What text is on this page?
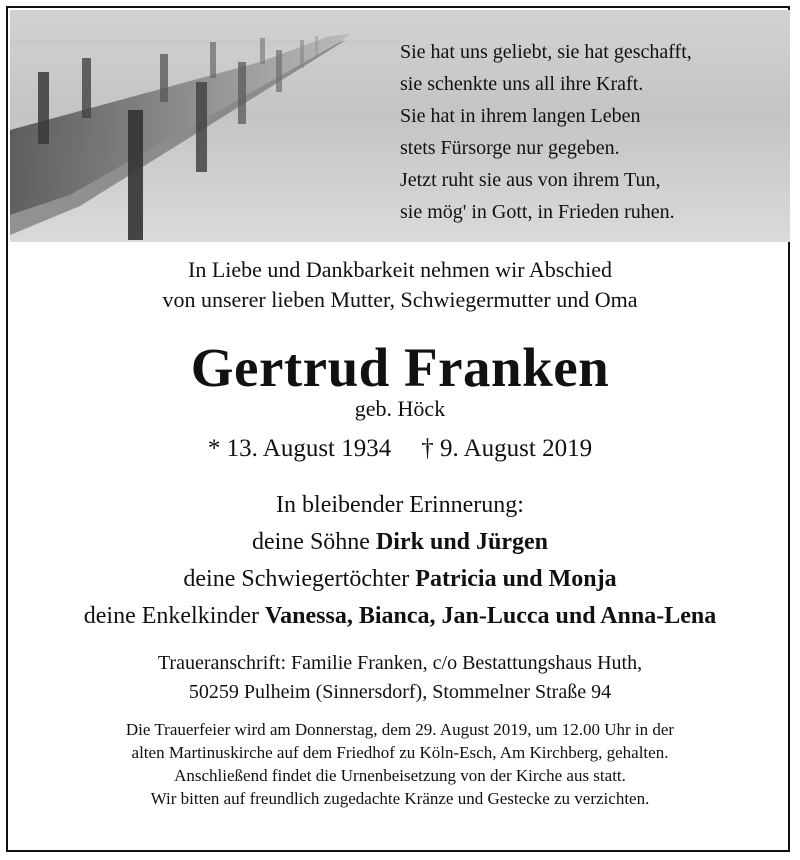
Sie hat uns geliebt, sie hat geschafft,
sie schenkte uns all ihre Kraft.
Sie hat in ihrem langen Leben
stets Fürsorge nur gegeben.
Jetzt ruht sie aus von ihrem Tun,
sie mög' in Gott, in Frieden ruhen.
In Liebe und Dankbarkeit nehmen wir Abschied
von unserer lieben Mutter, Schwiegermutter und Oma
Gertrud Franken
geb. Höck
* 13. August 1934 † 9. August 2019
In bleibender Erinnerung:
deine Söhne Dirk und Jürgen
deine Schwiegertöchter Patricia und Monja
deine Enkelkinder Vanessa, Bianca, Jan-Lucca und Anna-Lena
Traueranschrift: Familie Franken, c/o Bestattungshaus Huth,
50259 Pulheim (Sinnersdorf), Stommelner Straße 94
Die Trauerfeier wird am Donnerstag, dem 29. August 2019, um 12.00 Uhr in der
alten Martinuskirche auf dem Friedhof zu Köln-Esch, Am Kirchberg, gehalten.
Anschließend findet die Urnenbeisetzung von der Kirche aus statt.
Wir bitten auf freundlich zugedachte Kränze und Gestecke zu verzichten.
